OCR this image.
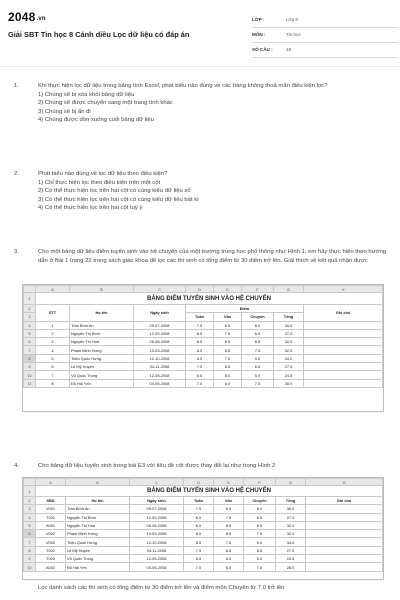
2048.vn
Giải SBT Tin học 8 Cánh diều Lọc dữ liệu có đáp án
LỚP :	Lớp 8
MÔN :	Tin học
SỐ CÂU :	18
1.	Khi thực hiện lọc dữ liệu trong bảng tính Excel, phát biểu nào đúng về các hàng không thoả mãn điều kiện lọc?
1) Chúng sẽ bị xóa khỏi bảng dữ liệu
2) Chúng sẽ được chuyển sang một trang tính khác
3) Chúng sẽ bị ẩn đi
4) Chúng được dồn xuống cuối bảng dữ liệu
2.	Phát biểu nào đúng về lọc dữ liệu theo điều kiện?
1) Chỉ thực hiện lọc theo điều kiện trên một cột
2) Có thể thực hiện lọc trên hai cột có cùng kiểu dữ liệu số
3) Có thể thực hiện lọc trên hai cột có cùng kiểu dữ liệu bất kì
4) Có thể thực hiện lọc trên hai cột tuỳ ý
3.	Cho một bảng dữ liệu điểm tuyển sinh vào hệ chuyên của một trường trung học phổ thông như Hình 1, em hãy thực hiện theo hướng dẫn ở Bài 1 trang 22 trong sách giáo khoa để lọc các thí sinh có tổng điểm từ 30 điểm trở lên. Giải thích về kết quả nhận được
	A	B	C	D	E	F	G	H
1	BẢNG ĐIỂM TUYỂN SINH VÀO HỆ CHUYÊN							
2	STT	Họ tên	Ngày sinh	Điểm				Ghi chú
3				Toán	Văn	Chuyên	Tổng	
4	1	Trần Bình An	09-07-2008	7.5	6.5	8.0	30.0	
5	2	Nguyễn Thị Bình	12-09-2008	6.5	7.5	6.5	27.0	
6	3	Nguyễn Thị Hoa	06-08-2008	6.5	8.5	8.5	32.0	
7	4	Phạm Minh Hưng	13-03-2008	8.5	8.5	7.5	32.0	
8	5	Triệu Quốc Hưng	12-10-2008	8.5	7.5	9.0	34.0	
9	6	Lê Mỹ Huyền	04-11-2008	7.5	6.5	6.5	27.0	
10	7	Vũ Quốc Trung	12-05-2008	6.5	8.0	5.0	24.5	
11	8	Đỗ Hải Yến	04-05-2008	7.0	6.0	7.5	28.0	
4.	Cho bảng dữ liệu tuyển sinh trong bài E3 với tiêu đề cột được thay đổi lại như trong Hình 2
	A	B	C	D	E	F	G	H
1	BẢNG ĐIỂM TUYỂN SINH VÀO HỆ CHUYÊN							
2	SBD	Họ tên	Ngày sinh	Toán	Văn	Chuyên	Tổng	Ghi chú
3	V001	Trần Bình An	09-07-2008	7.5	6.5	8.0	30.0	
4	T001	Nguyễn Thị Bình	12-09-2008	6.5	7.5	6.5	27.0	
5	A001	Nguyễn Thị Hoa	06-08-2008	6.5	8.5	8.5	32.0	
6	V002	Phạm Minh Hưng	13-03-2008	8.5	8.5	7.5	32.0	
7	V003	Triệu Quốc Hưng	12-10-2008	8.5	7.5	9.0	34.0	
8	T002	Lê Mỹ Huyền	04-11-2008	7.5	6.5	6.5	27.0	
9	T003	Vũ Quốc Trung	12-05-2008	6.5	8.0	5.0	24.5	
10	A002	Đỗ Hải Yến	04-05-2008	7.0	6.0	7.5	28.0	
Lọc danh sách các thí sinh có tổng điểm từ 30 điểm trở lên và điểm môn Chuyên từ 7.0 trở lên
